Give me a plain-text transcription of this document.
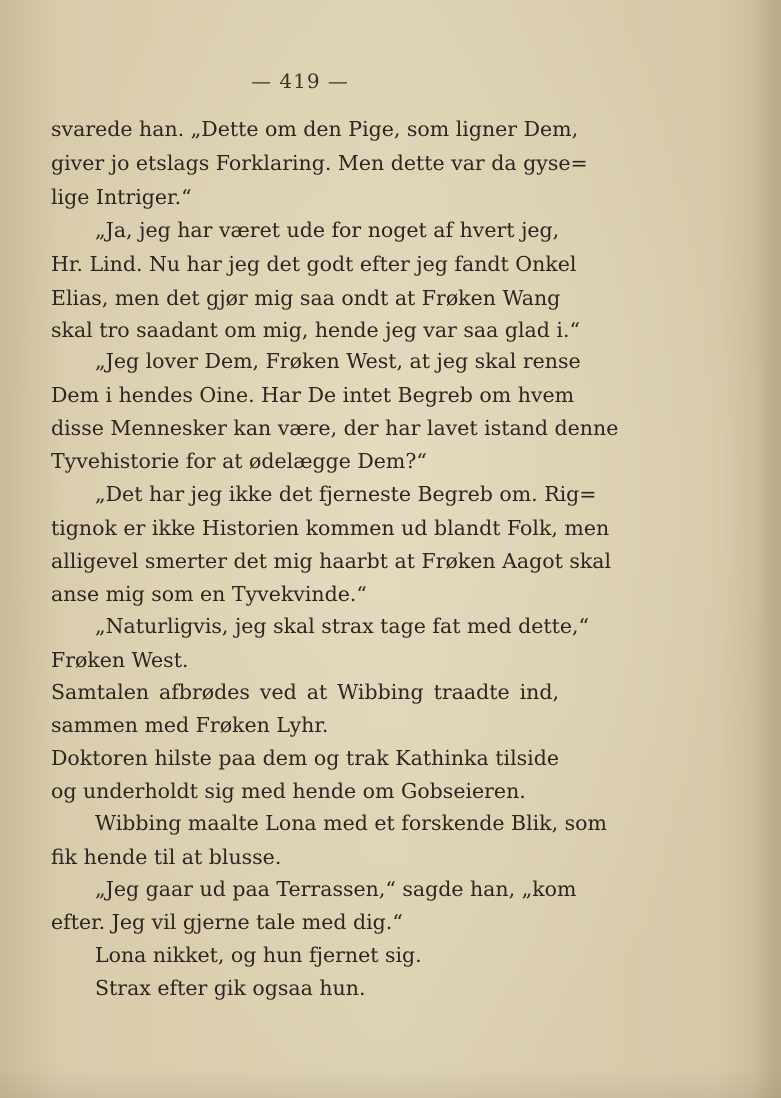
— 419 —
svarede han. „Dette om den Pige, som ligner Dem,
giver jo etslags Forklaring. Men dette var da gyse=
lige Intriger.“
„Ja, jeg har været ude for noget af hvert jeg,
Hr. Lind. Nu har jeg det godt efter jeg fandt Onkel
Elias, men det gjør mig saa ondt at Frøken Wang
skal tro saadant om mig, hende jeg var saa glad i.“
„Jeg lover Dem, Frøken West, at jeg skal rense
Dem i hendes Oine. Har De intet Begreb om hvem
disse Mennesker kan være, der har lavet istand denne
Tyvehistorie for at ødelægge Dem?“
„Det har jeg ikke det fjerneste Begreb om. Rig=
tignok er ikke Historien kommen ud blandt Folk, men
alligevel smerter det mig haarbt at Frøken Aagot skal
anse mig som en Tyvekvinde.“
„Naturligvis, jeg skal strax tage fat med dette,“
Frøken West.
Samtalen afbrødes ved at Wibbing traadte ind,
sammen med Frøken Lyhr.
Doktoren hilste paa dem og trak Kathinka tilside
og underholdt sig med hende om Gobseieren.
Wibbing maalte Lona med et forskende Blik, som
fik hende til at blusse.
„Jeg gaar ud paa Terrassen,“ sagde han, „kom
efter. Jeg vil gjerne tale med dig.“
Lona nikket, og hun fjernet sig.
Strax efter gik ogsaa hun.
